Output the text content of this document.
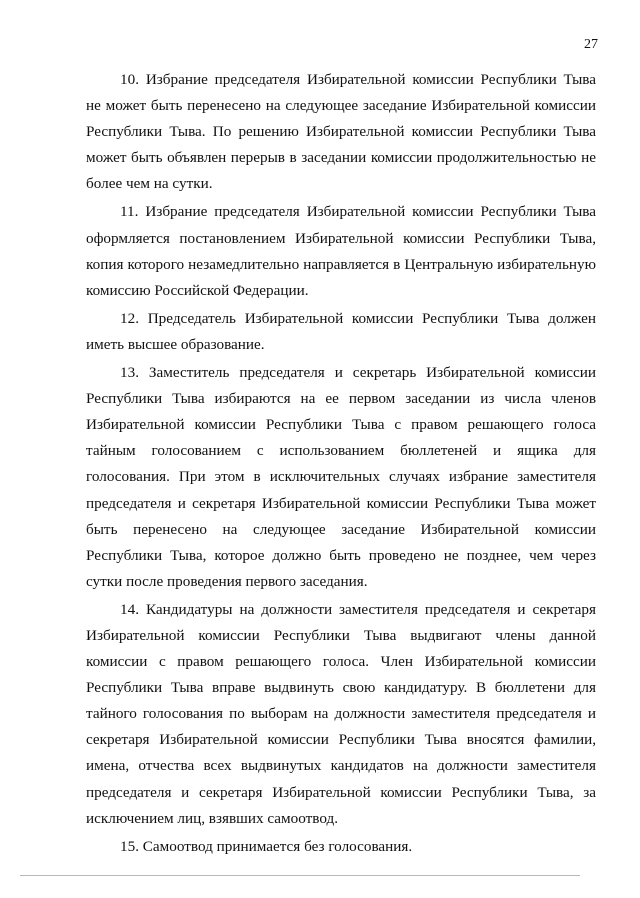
27

10. Избрание председателя Избирательной комиссии Республики Тыва не может быть перенесено на следующее заседание Избирательной комиссии Республики Тыва. По решению Избирательной комиссии Республики Тыва может быть объявлен перерыв в заседании комиссии продолжительностью не более чем на сутки.

11. Избрание председателя Избирательной комиссии Республики Тыва оформляется постановлением Избирательной комиссии Республики Тыва, копия которого незамедлительно направляется в Центральную избирательную комиссию Российской Федерации.

12. Председатель Избирательной комиссии Республики Тыва должен иметь высшее образование.

13. Заместитель председателя и секретарь Избирательной комиссии Республики Тыва избираются на ее первом заседании из числа членов Избирательной комиссии Республики Тыва с правом решающего голоса тайным голосованием с использованием бюллетеней и ящика для голосования. При этом в исключительных случаях избрание заместителя председателя и секретаря Избирательной комиссии Республики Тыва может быть перенесено на следующее заседание Избирательной комиссии Республики Тыва, которое должно быть проведено не позднее, чем через сутки после проведения первого заседания.

14. Кандидатуры на должности заместителя председателя и секретаря Избирательной комиссии Республики Тыва выдвигают члены данной комиссии с правом решающего голоса. Член Избирательной комиссии Республики Тыва вправе выдвинуть свою кандидатуру. В бюллетени для тайного голосования по выборам на должности заместителя председателя и секретаря Избирательной комиссии Республики Тыва вносятся фамилии, имена, отчества всех выдвинутых кандидатов на должности заместителя председателя и секретаря Избирательной комиссии Республики Тыва, за исключением лиц, взявших самоотвод.

15. Самоотвод принимается без голосования.
